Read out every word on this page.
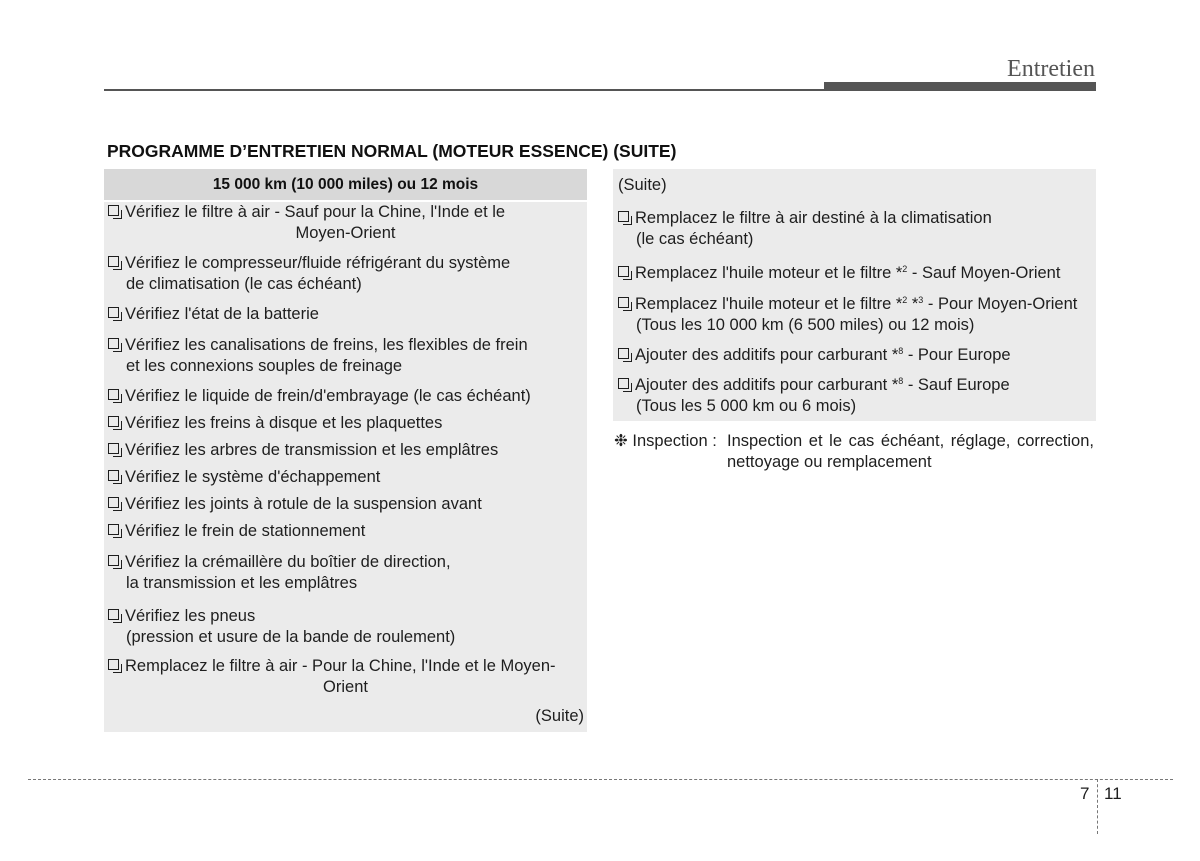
Entretien
PROGRAMME D’ENTRETIEN NORMAL (MOTEUR ESSENCE) (SUITE)
15 000 km (10 000 miles) ou 12 mois
Vérifiez le filtre à air - Sauf pour la Chine, l'Inde et le
Moyen-Orient
Vérifiez le compresseur/fluide réfrigérant du système
de climatisation (le cas échéant)
Vérifiez l'état de la batterie
Vérifiez les canalisations de freins, les flexibles de frein
et les connexions souples de freinage
Vérifiez le liquide de frein/d'embrayage (le cas échéant)
Vérifiez les freins à disque et les plaquettes
Vérifiez les arbres de transmission et les emplâtres
Vérifiez le système d'échappement
Vérifiez les joints à rotule de la suspension avant
Vérifiez le frein de stationnement
Vérifiez la crémaillère du boîtier de direction,
la transmission et les emplâtres
Vérifiez les pneus
(pression et usure de la bande de roulement)
Remplacez le filtre à air - Pour la Chine, l'Inde et le Moyen-
Orient
(Suite)
(Suite)
Remplacez le filtre à air destiné à la climatisation
(le cas échéant)
Remplacez l'huile moteur et le filtre *$^2$ - Sauf Moyen-Orient
Remplacez l'huile moteur et le filtre *$^2$ *$^3$ - Pour Moyen-Orient
(Tous les 10 000 km (6 500 miles) ou 12 mois)
Ajouter des additifs pour carburant *$^8$ - Pour Europe
Ajouter des additifs pour carburant *$^8$ - Sauf Europe
(Tous les 5 000 km ou 6 mois)
❉ Inspection : Inspection et le cas échéant, réglage, correction, nettoyage ou remplacement
7 11
